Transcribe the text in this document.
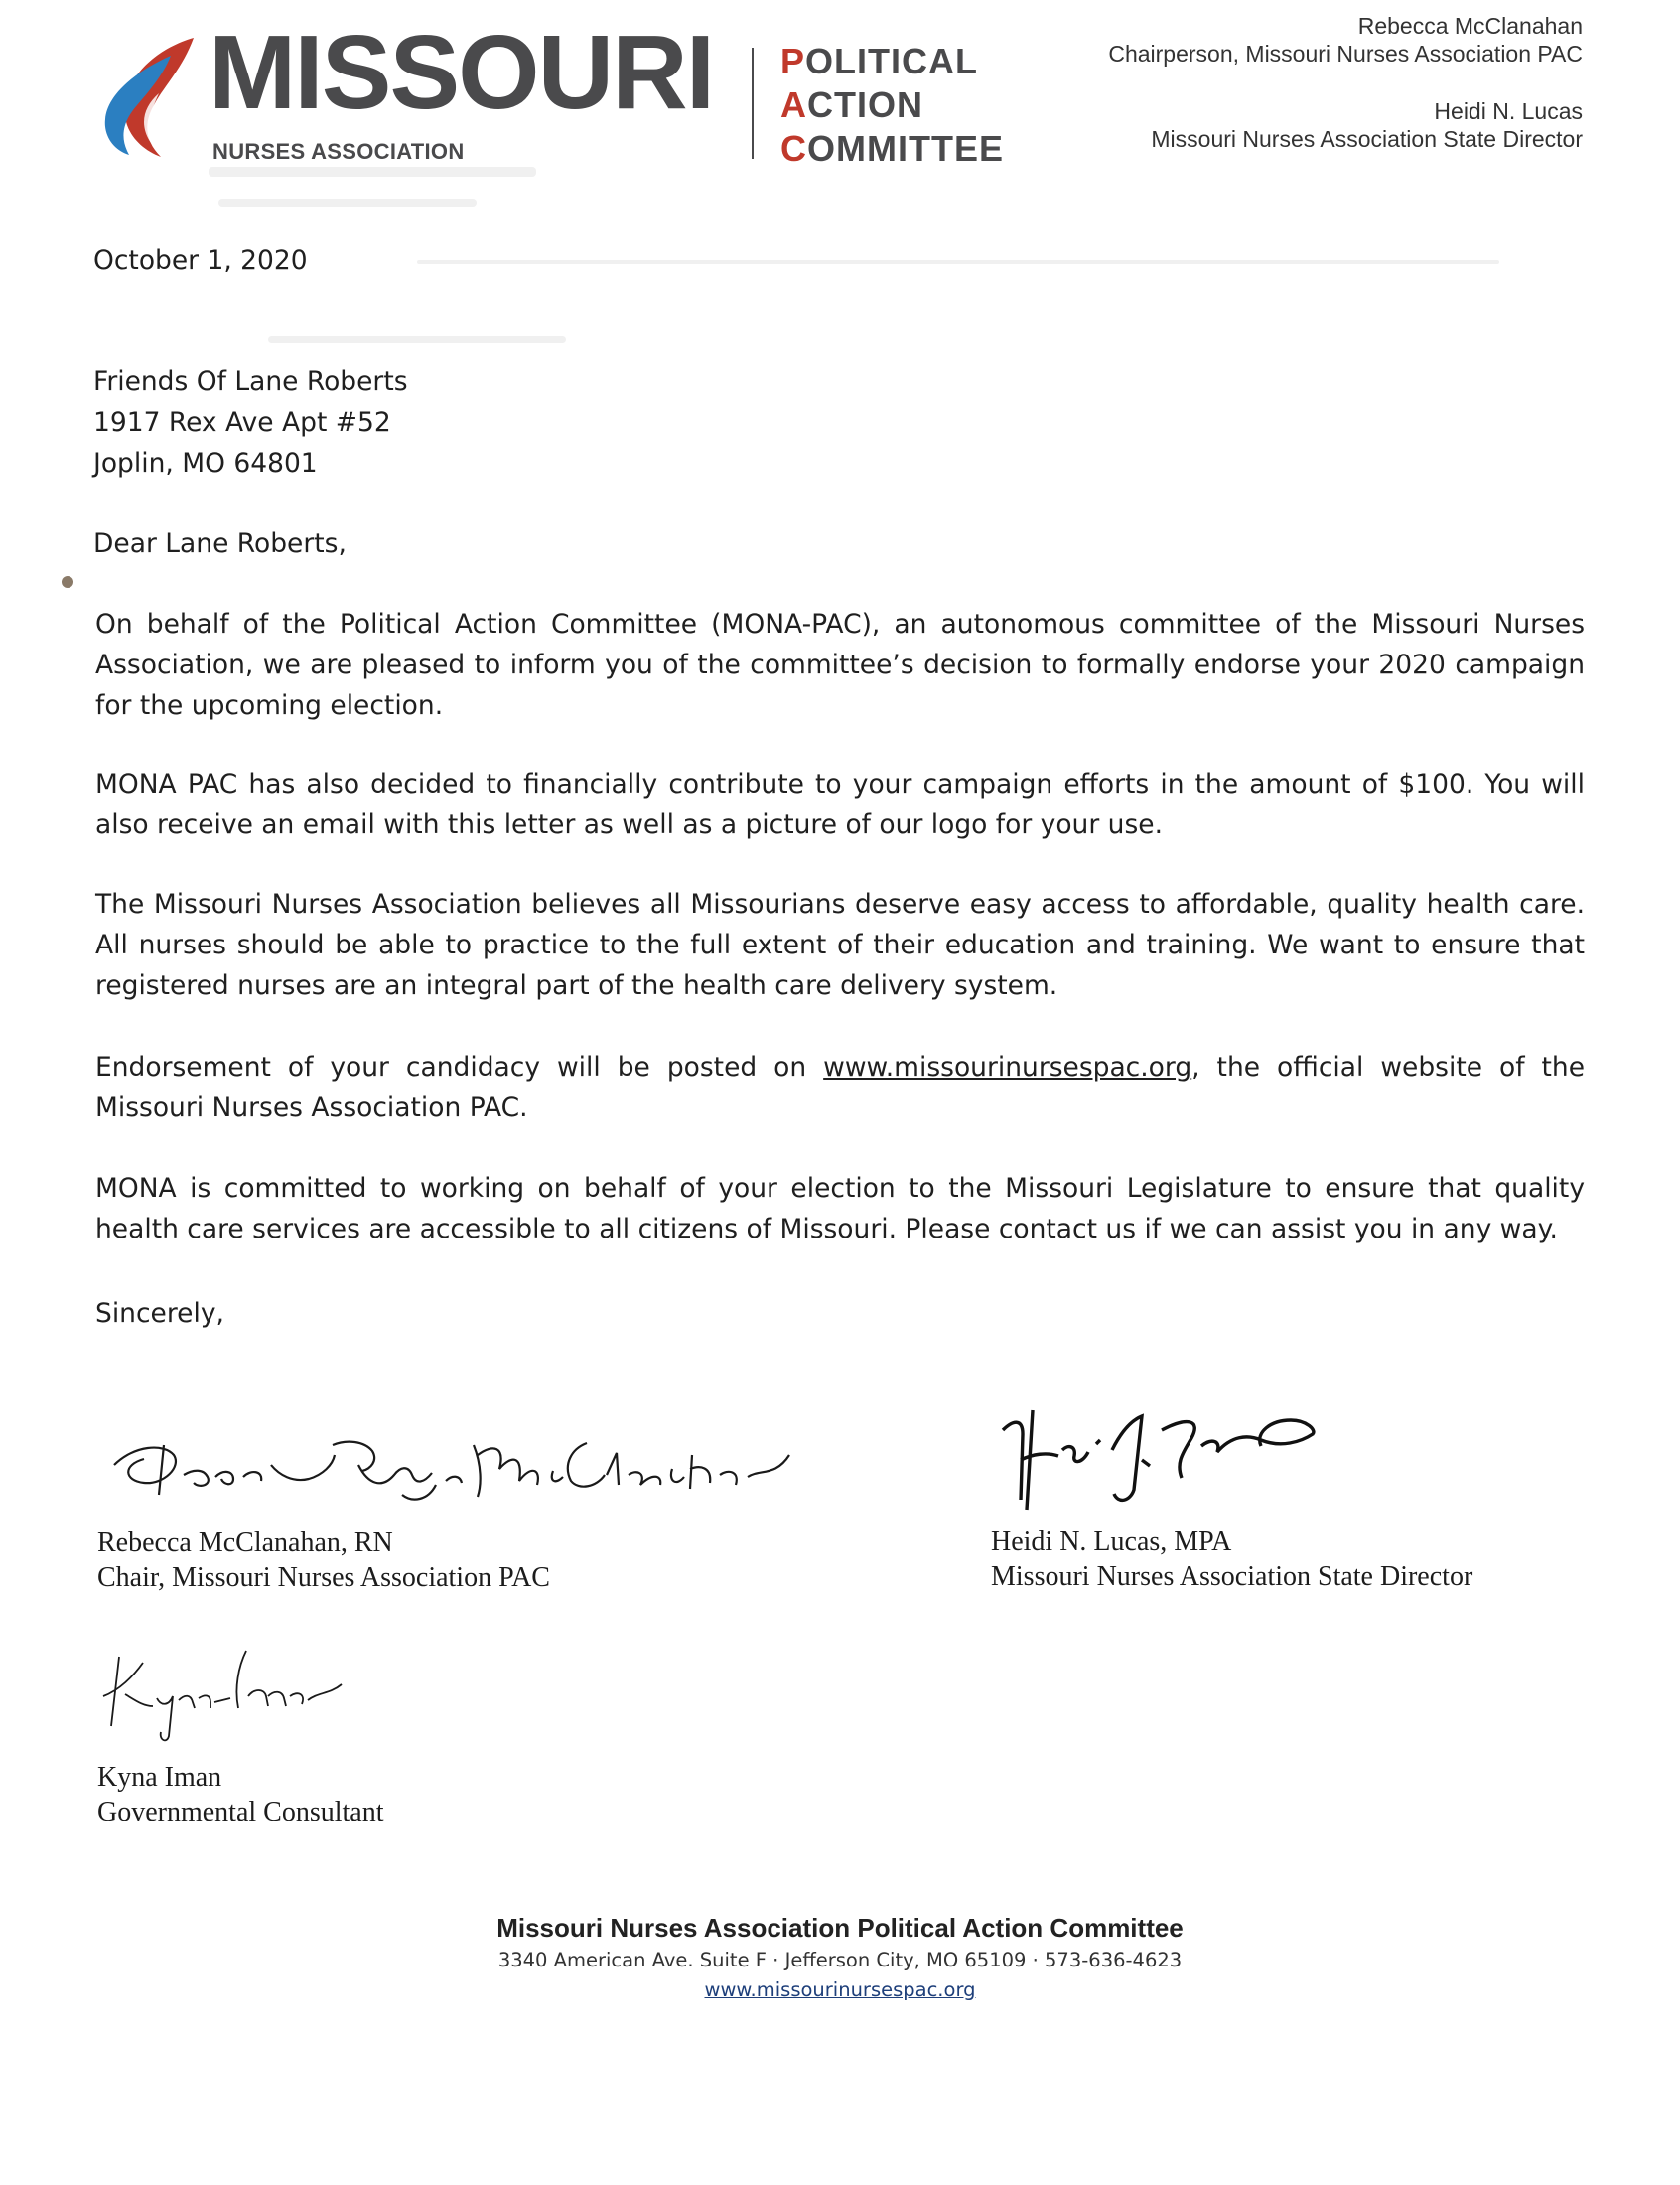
MISSOURI
NURSES ASSOCIATION
POLITICAL
ACTION
COMMITTEE
Rebecca McClanahan
Chairperson, Missouri Nurses Association PAC
Heidi N. Lucas
Missouri Nurses Association State Director
October 1, 2020
Friends Of Lane Roberts
1917 Rex Ave Apt #52
Joplin, MO 64801
Dear Lane Roberts,
On behalf of the Political Action Committee (MONA-PAC), an autonomous committee of the Missouri Nurses Association, we are pleased to inform you of the committee’s decision to formally endorse your 2020 campaign for the upcoming election.
MONA PAC has also decided to financially contribute to your campaign efforts in the amount of $100. You will also receive an email with this letter as well as a picture of our logo for your use.
The Missouri Nurses Association believes all Missourians deserve easy access to affordable, quality health care. All nurses should be able to practice to the full extent of their education and training. We want to ensure that registered nurses are an integral part of the health care delivery system.
Endorsement of your candidacy will be posted on www.missourinursespac.org, the official website of the Missouri Nurses Association PAC.
MONA is committed to working on behalf of your election to the Missouri Legislature to ensure that quality health care services are accessible to all citizens of Missouri. Please contact us if we can assist you in any way.
Sincerely,
Rebecca McClanahan, RN
Chair, Missouri Nurses Association PAC
Heidi N. Lucas, MPA
Missouri Nurses Association State Director
Kyna Iman
Governmental Consultant
Missouri Nurses Association Political Action Committee
3340 American Ave. Suite F · Jefferson City, MO 65109 · 573-636-4623
www.missourinursespac.org
